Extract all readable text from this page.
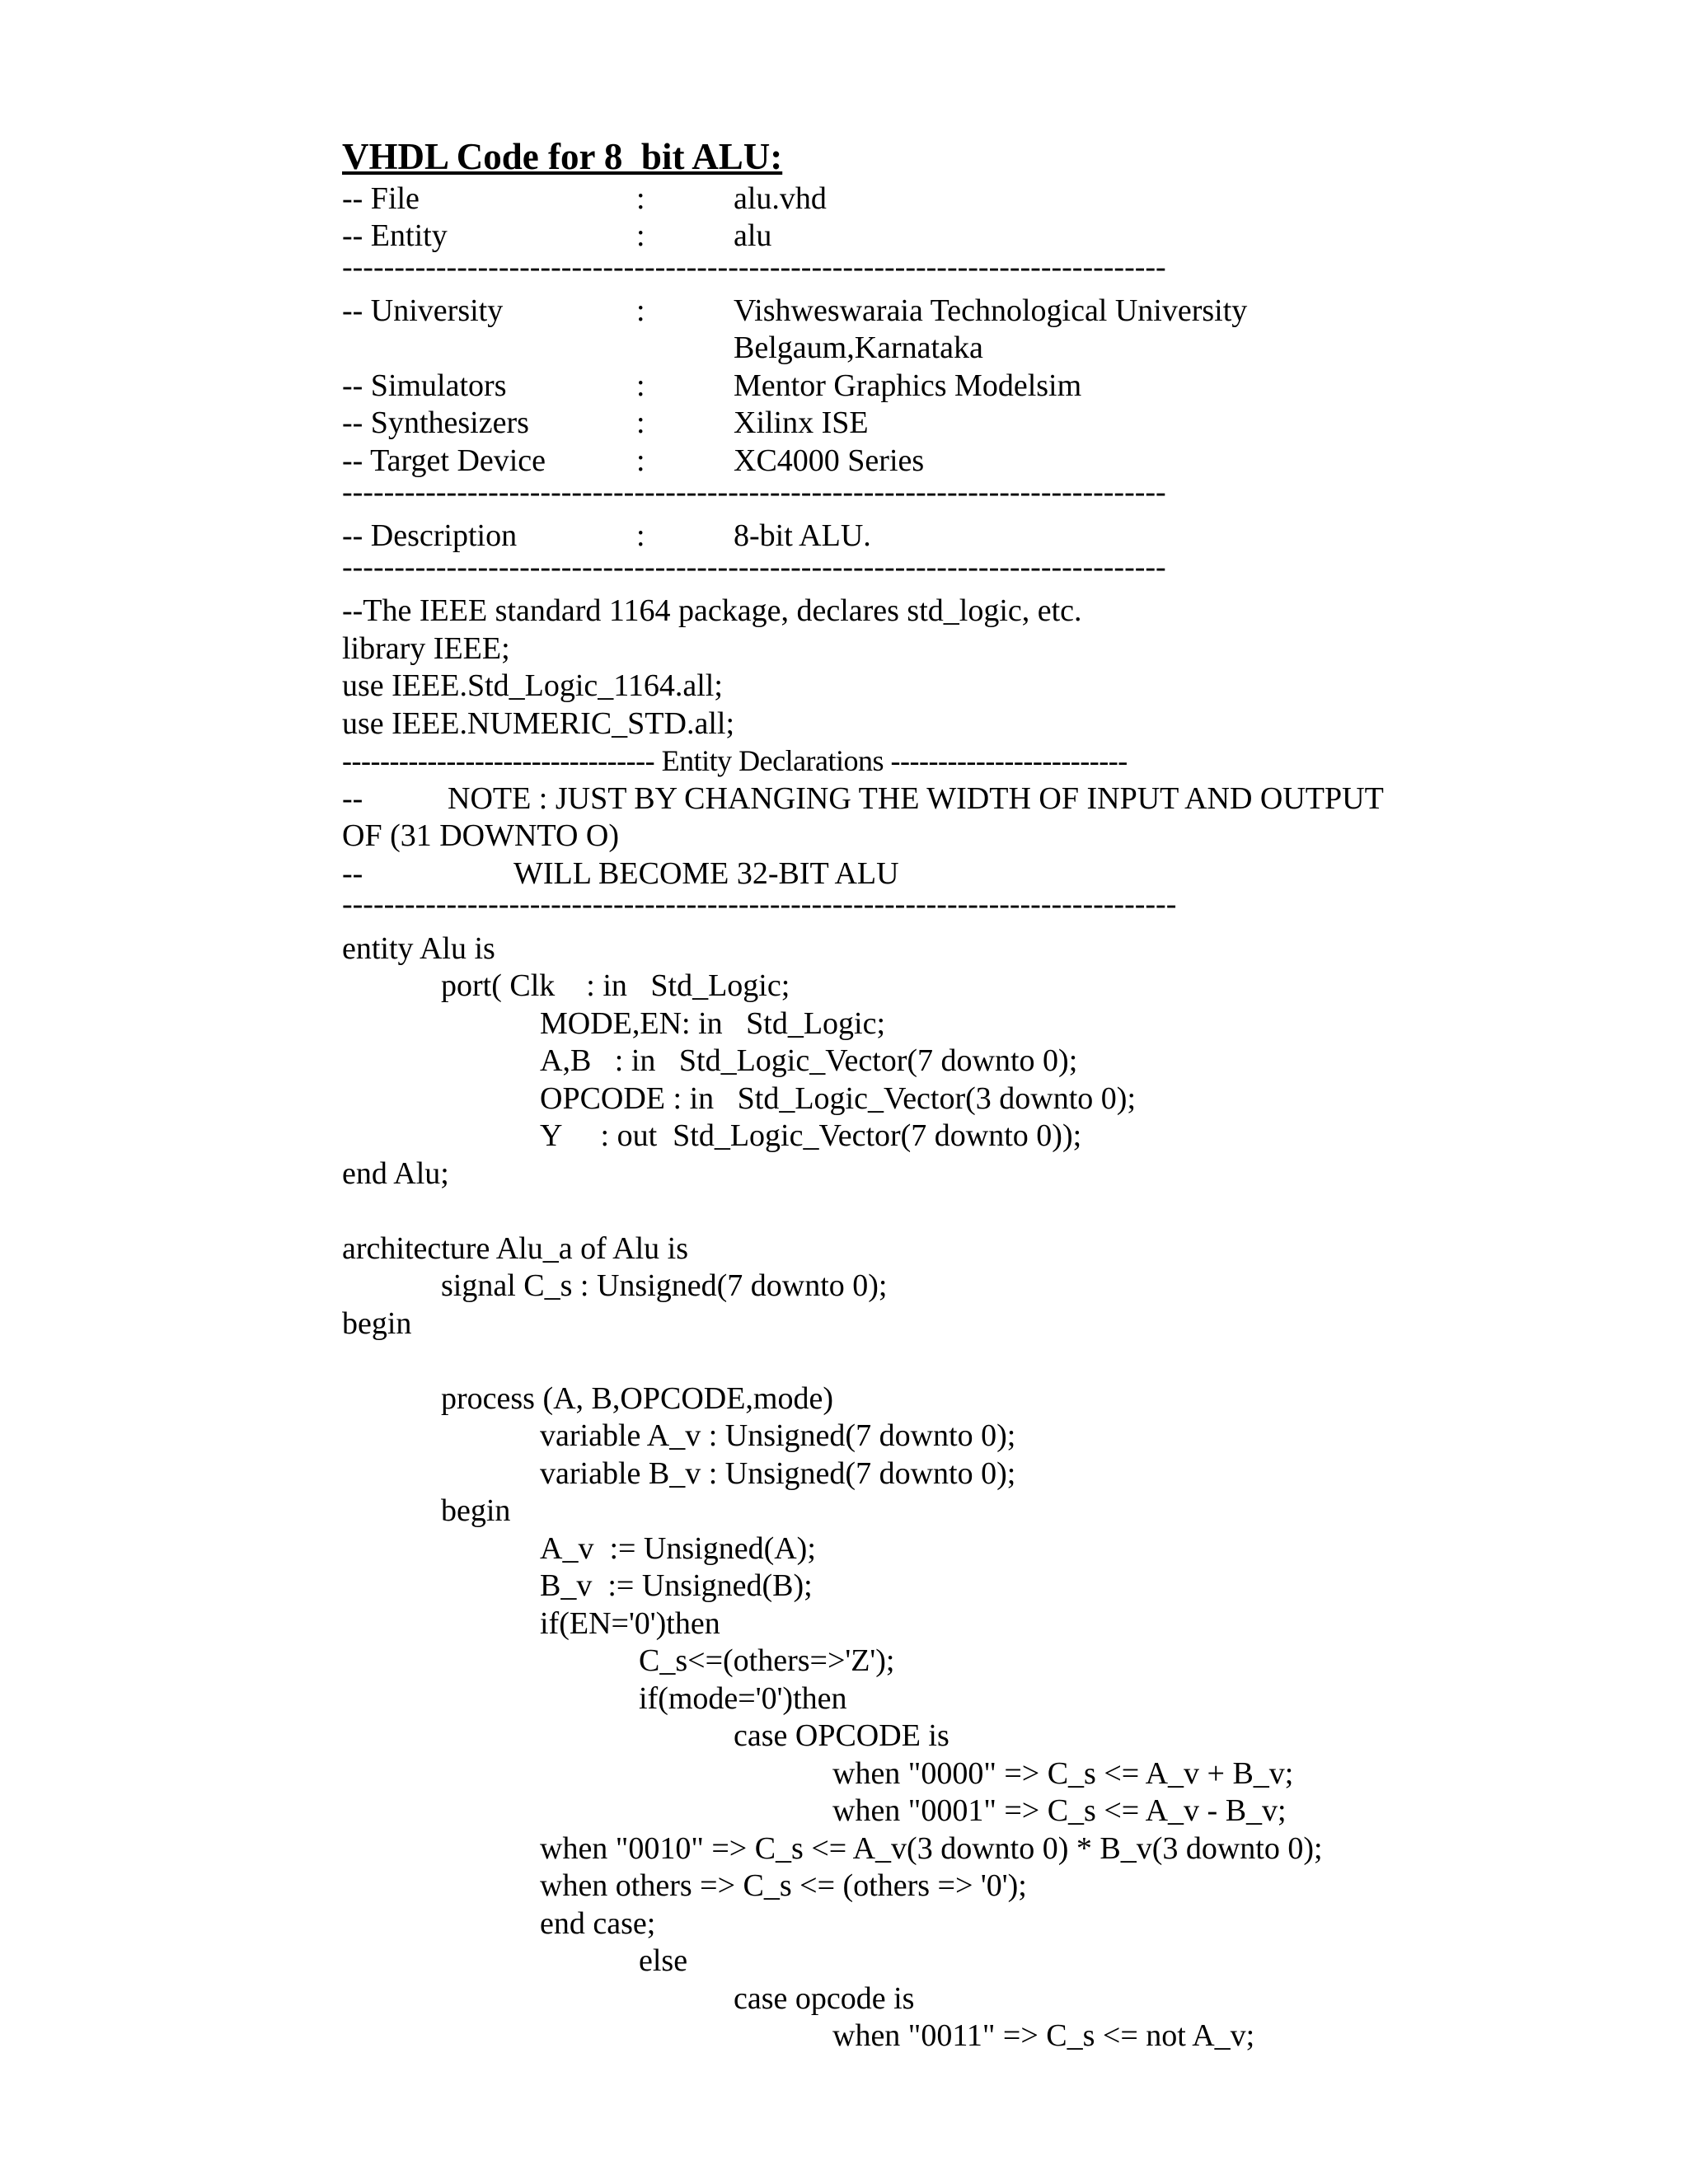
VHDL Code for 8_bit ALU:
-- File	:	alu.vhd
-- Entity	:	alu
-------------------------------------------------------------------------------
-- University	:	Vishweswaraia Technological University
Belgaum,Karnataka
-- Simulators	:	Mentor Graphics Modelsim
-- Synthesizers	:	Xilinx ISE
-- Target Device	:	XC4000 Series
-------------------------------------------------------------------------------
-- Description	:	8-bit ALU.
-------------------------------------------------------------------------------
--The IEEE standard 1164 package, declares std_logic, etc.
library IEEE;
use IEEE.Std_Logic_1164.all;
use IEEE.NUMERIC_STD.all;
--------------------------------- Entity Declarations -------------------------
--	NOTE : JUST BY CHANGING THE WIDTH OF INPUT AND OUTPUT
OF (31 DOWNTO O)
--	WILL BECOME 32-BIT ALU
--------------------------------------------------------------------------------
entity Alu is
port( Clk    : in   Std_Logic;
MODE,EN: in   Std_Logic;
A,B   : in   Std_Logic_Vector(7 downto 0);
OPCODE : in   Std_Logic_Vector(3 downto 0);
Y     : out  Std_Logic_Vector(7 downto 0));
end Alu;
architecture Alu_a of Alu is
signal C_s : Unsigned(7 downto 0);
begin
process (A, B,OPCODE,mode)
variable A_v : Unsigned(7 downto 0);
variable B_v : Unsigned(7 downto 0);
begin
A_v  := Unsigned(A);
B_v  := Unsigned(B);
if(EN='0')then
C_s<=(others=>'Z');
if(mode='0')then
case OPCODE is
when "0000" => C_s <= A_v + B_v;
when "0001" => C_s <= A_v - B_v;
when "0010" => C_s <= A_v(3 downto 0) * B_v(3 downto 0);
when others => C_s <= (others => '0');
end case;
else
case opcode is
when "0011" => C_s <= not A_v;
